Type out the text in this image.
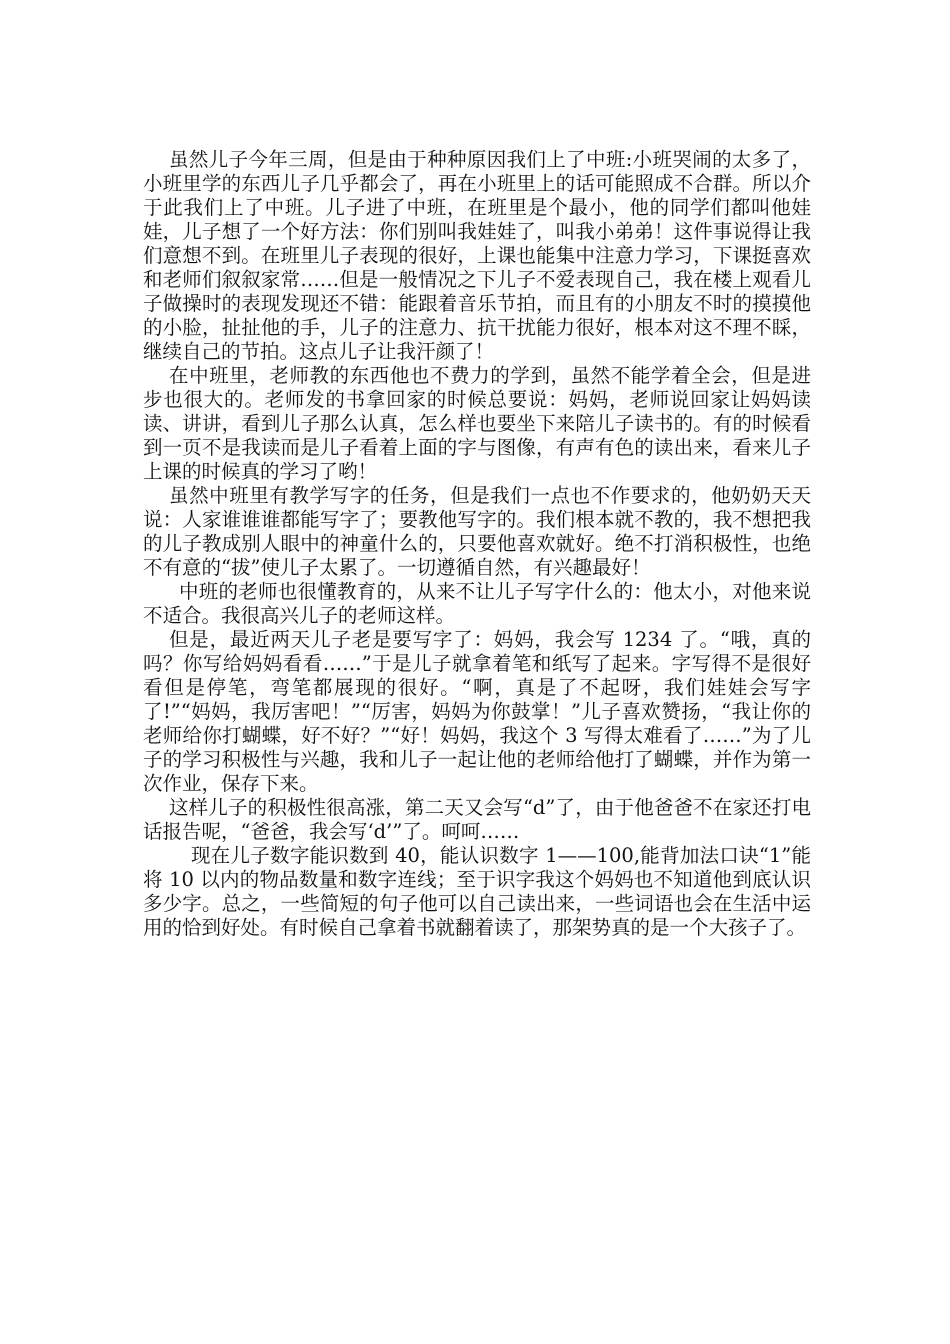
虽然儿子今年三周，但是由于种种原因我们上了中班:小班哭闹的太多了，小班里学的东西儿子几乎都会了，再在小班里上的话可能照成不合群。所以介于此我们上了中班。儿子进了中班，在班里是个最小，他的同学们都叫他娃娃，儿子想了一个好方法：你们别叫我娃娃了，叫我小弟弟！这件事说得让我们意想不到。在班里儿子表现的很好，上课也能集中注意力学习，下课挺喜欢和老师们叙叙家常……但是一般情况之下儿子不爱表现自己，我在楼上观看儿子做操时的表现发现还不错：能跟着音乐节拍，而且有的小朋友不时的摸摸他的小脸，扯扯他的手，儿子的注意力、抗干扰能力很好，根本对这不理不睬，继续自己的节拍。这点儿子让我汗颜了！

在中班里，老师教的东西他也不费力的学到，虽然不能学着全会，但是进步也很大的。老师发的书拿回家的时候总要说：妈妈，老师说回家让妈妈读读、讲讲，看到儿子那么认真，怎么样也要坐下来陪儿子读书的。有的时候看到一页不是我读而是儿子看着上面的字与图像，有声有色的读出来，看来儿子上课的时候真的学习了哟！

虽然中班里有教学写字的任务，但是我们一点也不作要求的，他奶奶天天说：人家谁谁谁都能写字了；要教他写字的。我们根本就不教的，我不想把我的儿子教成别人眼中的神童什么的，只要他喜欢就好。绝不打消积极性，也绝不有意的“拔”使儿子太累了。一切遵循自然，有兴趣最好！

中班的老师也很懂教育的，从来不让儿子写字什么的：他太小，对他来说不适合。我很高兴儿子的老师这样。

但是，最近两天儿子老是要写字了：妈妈，我会写 1234 了。“哦，真的吗？你写给妈妈看看……”于是儿子就拿着笔和纸写了起来。字写得不是很好看但是停笔，弯笔都展现的很好。“啊，真是了不起呀，我们娃娃会写字了!”“妈妈，我厉害吧！”“厉害，妈妈为你鼓掌！”儿子喜欢赞扬，“我让你的老师给你打蝴蝶，好不好？”“好！妈妈，我这个 3 写得太难看了……”为了儿子的学习积极性与兴趣，我和儿子一起让他的老师给他打了蝴蝶，并作为第一次作业，保存下来。

这样儿子的积极性很高涨，第二天又会写“d”了，由于他爸爸不在家还打电话报告呢，“爸爸，我会写‘d’”了。呵呵……

现在儿子数字能识数到 40，能认识数字 1——100,能背加法口诀“1”能将 10 以内的物品数量和数字连线；至于识字我这个妈妈也不知道他到底认识多少字。总之，一些简短的句子他可以自己读出来，一些词语也会在生活中运用的恰到好处。有时候自己拿着书就翻着读了，那架势真的是一个大孩子了。
